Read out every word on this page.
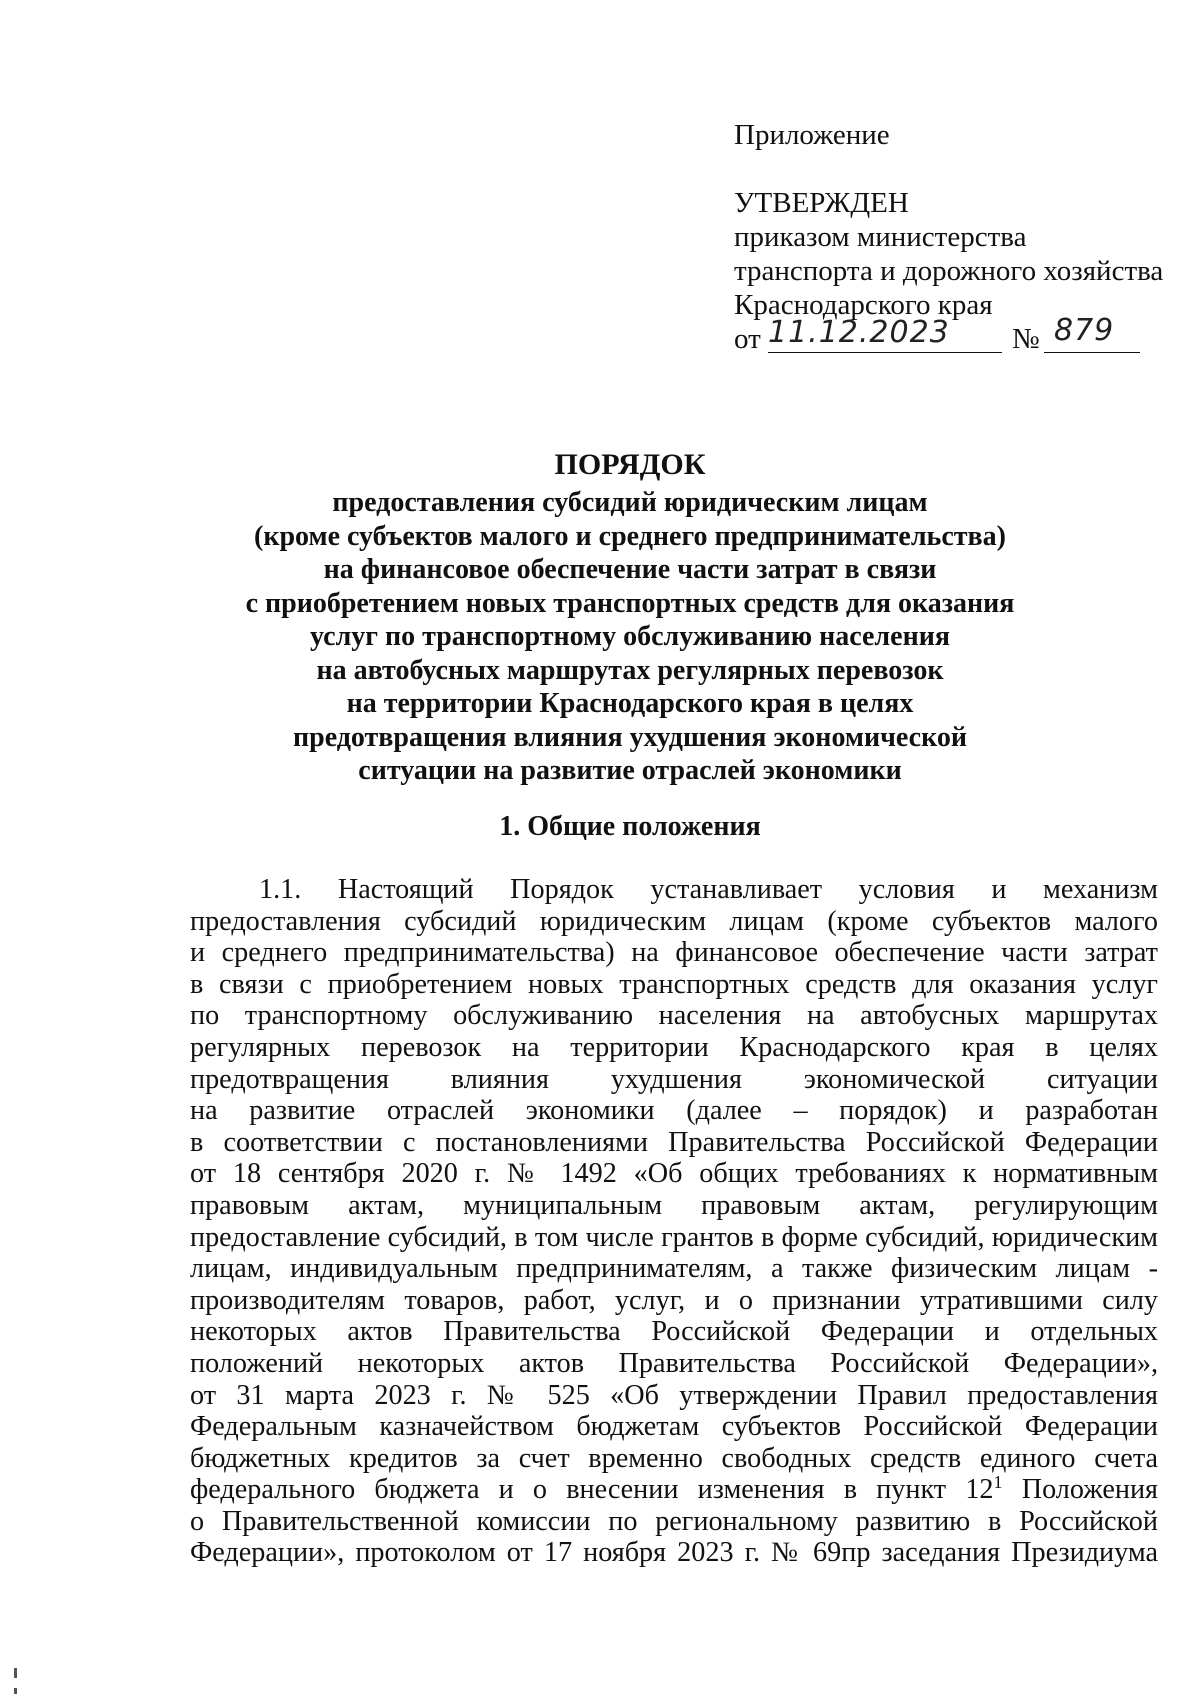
Приложение
УТВЕРЖДЕН
приказом министерства
транспорта и дорожного хозяйства
Краснодарского края
от 11.12.2023 № 879
ПОРЯДОК
предоставления субсидий юридическим лицам
(кроме субъектов малого и среднего предпринимательства)
на финансовое обеспечение части затрат в связи
с приобретением новых транспортных средств для оказания
услуг по транспортному обслуживанию населения
на автобусных маршрутах регулярных перевозок
на территории Краснодарского края в целях
предотвращения влияния ухудшения экономической
ситуации на развитие отраслей экономики
1. Общие положения
1.1. Настоящий Порядок устанавливает условия и механизм
предоставления субсидий юридическим лицам (кроме субъектов малого
и среднего предпринимательства) на финансовое обеспечение части затрат
в связи с приобретением новых транспортных средств для оказания услуг
по транспортному обслуживанию населения на автобусных маршрутах
регулярных перевозок на территории Краснодарского края в целях
предотвращения влияния ухудшения экономической ситуации
на развитие отраслей экономики (далее – порядок) и разработан
в соответствии с постановлениями Правительства Российской Федерации
от 18 сентября 2020 г. № 1492 «Об общих требованиях к нормативным
правовым актам, муниципальным правовым актам, регулирующим
предоставление субсидий, в том числе грантов в форме субсидий, юридическим
лицам, индивидуальным предпринимателям, а также физическим лицам -
производителям товаров, работ, услуг, и о признании утратившими силу
некоторых актов Правительства Российской Федерации и отдельных
положений некоторых актов Правительства Российской Федерации»,
от 31 марта 2023 г. № 525 «Об утверждении Правил предоставления
Федеральным казначейством бюджетам субъектов Российской Федерации
бюджетных кредитов за счет временно свободных средств единого счета
федерального бюджета и о внесении изменения в пункт $12^1$ Положения
о Правительственной комиссии по региональному развитию в Российской
Федерации», протоколом от 17 ноября 2023 г. № 69пр заседания Президиума
